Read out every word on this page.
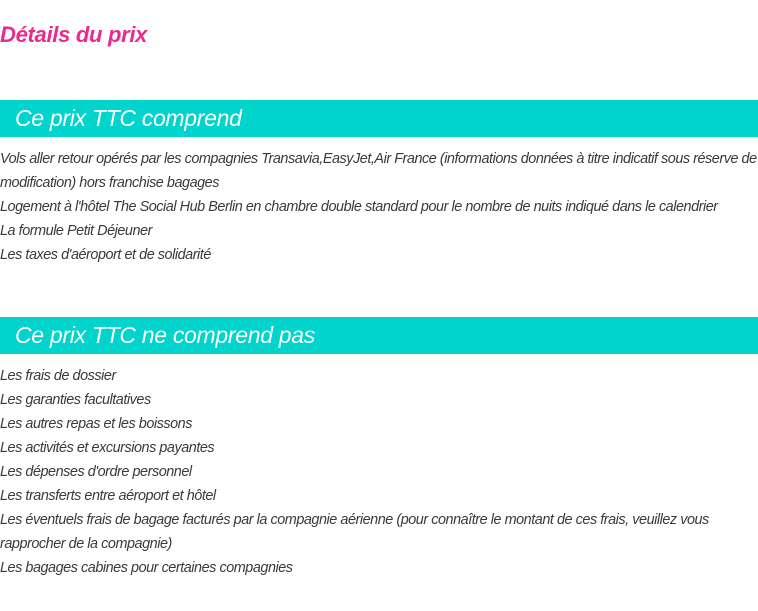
Détails du prix
Ce prix TTC comprend
Vols aller retour opérés par les compagnies Transavia,EasyJet,Air France (informations données à titre indicatif sous réserve de modification) hors franchise bagages
Logement à l'hôtel The Social Hub Berlin en chambre double standard pour le nombre de nuits indiqué dans le calendrier
La formule Petit Déjeuner
Les taxes d'aéroport et de solidarité
Ce prix TTC ne comprend pas
Les frais de dossier
Les garanties facultatives
Les autres repas et les boissons
Les activités et excursions payantes
Les dépenses d'ordre personnel
Les transferts entre aéroport et hôtel
Les éventuels frais de bagage facturés par la compagnie aérienne (pour connaître le montant de ces frais, veuillez vous rapprocher de la compagnie)
Les bagages cabines pour certaines compagnies
